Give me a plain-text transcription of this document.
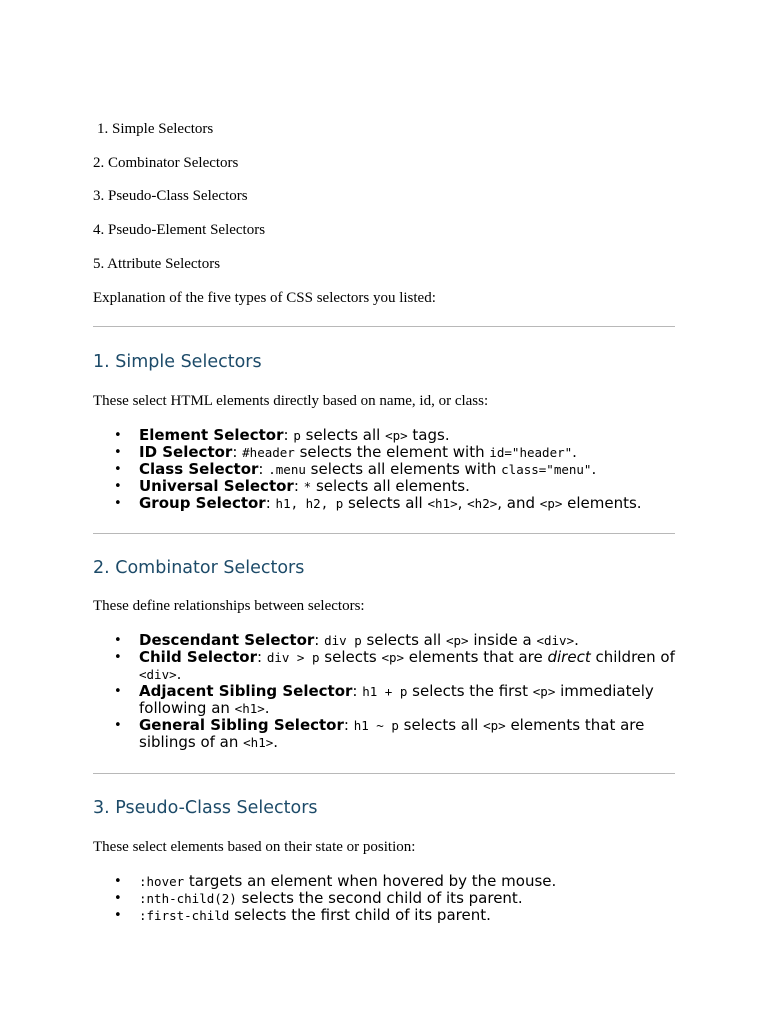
1. Simple Selectors
2. Combinator Selectors
3. Pseudo-Class Selectors
4. Pseudo-Element Selectors
5. Attribute Selectors
Explanation of the five types of CSS selectors you listed:
1. Simple Selectors
These select HTML elements directly based on name, id, or class:
• Element Selector: p selects all <p> tags.
• ID Selector: #header selects the element with id="header".
• Class Selector: .menu selects all elements with class="menu".
• Universal Selector: * selects all elements.
• Group Selector: h1, h2, p selects all <h1>, <h2>, and <p> elements.
2. Combinator Selectors
These define relationships between selectors:
• Descendant Selector: div p selects all <p> inside a <div>.
• Child Selector: div > p selects <p> elements that are direct children of <div>.
• Adjacent Sibling Selector: h1 + p selects the first <p> immediately following an <h1>.
• General Sibling Selector: h1 ~ p selects all <p> elements that are siblings of an <h1>.
3. Pseudo-Class Selectors
These select elements based on their state or position:
• :hover targets an element when hovered by the mouse.
• :nth-child(2) selects the second child of its parent.
• :first-child selects the first child of its parent.
